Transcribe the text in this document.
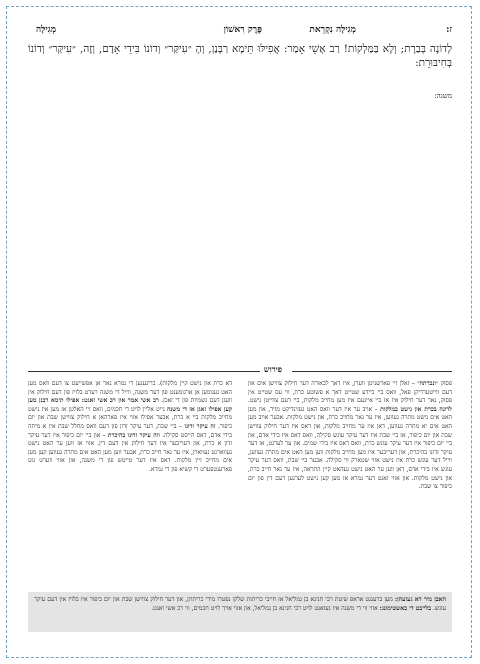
ז:
מְגִילָּה נִקְרֵאת
פֶּרֶק רִאשׁוֹן
מְגִילָּה
לְדוֹנָה בְּבַרָת; וְלָא בַּמַּלְקוֹת! רַב אָשֵׁי אָמַר: אֲפִילּוּ תֵּימָא רַבָּנַן, וְהָ ״עִיקַּר״ וְדוֹנוֹ בִּידֵי אָדָם, וְזֶה, ״עִיקַּר״ וְדוֹנוֹ בְּחִיבּוּרֵת:
משנה:
פירוש
פסוק ״ונכרתה״ – זאלן זיי פארשניטן ווערן, איז דאך לכאורה דער חילוק צווישן אים און דעם ווייטערדיקן פאל, וואס ביי ביידע שטייט דאך א פשוטע כרת, ווי עס שטייט אין פסוק, נאר דער חילוק איז אז ביי איינעם איז מען מחייב מלקות, ביי דעם צווייטן נישט. לדונה בכרת און נישט במלקות – אויב ער איז דער וואס האט געזינדיקט מזיד, און מען האט אים נישט מתרה געווען, איז ער נאר מחויב כרת, און נישט מלקות. אבער אויב מען האט אים יא מתרה געווען, דאן איז ער מחויב מלקות, און דאס איז דער חילוק צווישן שבת און יום כיפור, אז ביי שבת איז דער עיקר עונש סקילה, וואס דאס איז בידי אדם, און ביי יום כיפור איז דער עיקר עונש כרת, וואס דאס איז בידי שמים. און ער לערנט, אז דער עיקר זדונו בהיכרת, און דעריבער איז מען מחייב מלקות ווען מען האט אים מתרה געווען, ווייל דער עונש כרת איז נישט אזוי שטארק ווי סקילה. אבער ביי שבת, וואס דער עיקר עונש איז בידי אדם, דאן ווען ער האט נישט געהאט קיין התראה, איז ער נאר חייב כרת, און נישט מלקות. און אזוי זאגט דער גמרא אז מען קען נישט לערנען דעם דין פון יום כיפור צו שבת.
דא כרת און נישט קיין מלקות). בריגענען די גמרא גאר אן אפשייעט צו דעם וואס מען האט גענומען אן ארגומענט פון דער משנה, ווייל די משנה רעדט בלויז פון דעם חילוק אין וועגן דעם גשמיות פון די זאכן. רב אשי אמר און רב אשי זאגט: אפילו תימא רבנן מען קען אפילו זאגן אז די משנה גייט אליין לויט די חכמים, וואס זיי האלטן אז מען איז נישט מחייב מלקות ביי א כרת, אבער אפילו אזוי איז פארהאן א חילוק צווישן שבת און יום כיפור. זה עיקר זדונו – ביי שבת, דער עיקר זדון פון דעם וואס מחלל שבת איז א מיתה בידי אדם, דאס הייסט סקילה. וזה עיקר זדונו בהיכרת – און ביי יום כיפור איז דער עיקר זדון א כרת, און דעריבער איז דער חילוק אין דעם דין. אזוי אז ווען ער האט נישט געווארנט געווארן, איז ער נאר חייב כרת, אבער ווען מען האט אים מתרה געווען קען מען אים מחייב זיין מלקות. דאס איז דער טייטש פון די משנה, און אזוי ווערט גוט פארענטפערט די קשיא פון די גמרא.
האבן מיר דא געזעהן: מען ברענגט אראפ שיטת רבי חנינא בן גמליאל אז חייבי כריתות שלקו נפטרו מידי כריתתן, און דער חילוק צווישן שבת און יום כיפור איז בלויז אין דעם עיקר עונש. בלייבט די באשטימונג: אזוי ווי די משנה איז געזאגט לויט רבי חנינא בן גמליאל, און אזוי אויך לויט חכמים, ווי רב אשי זאגט.
